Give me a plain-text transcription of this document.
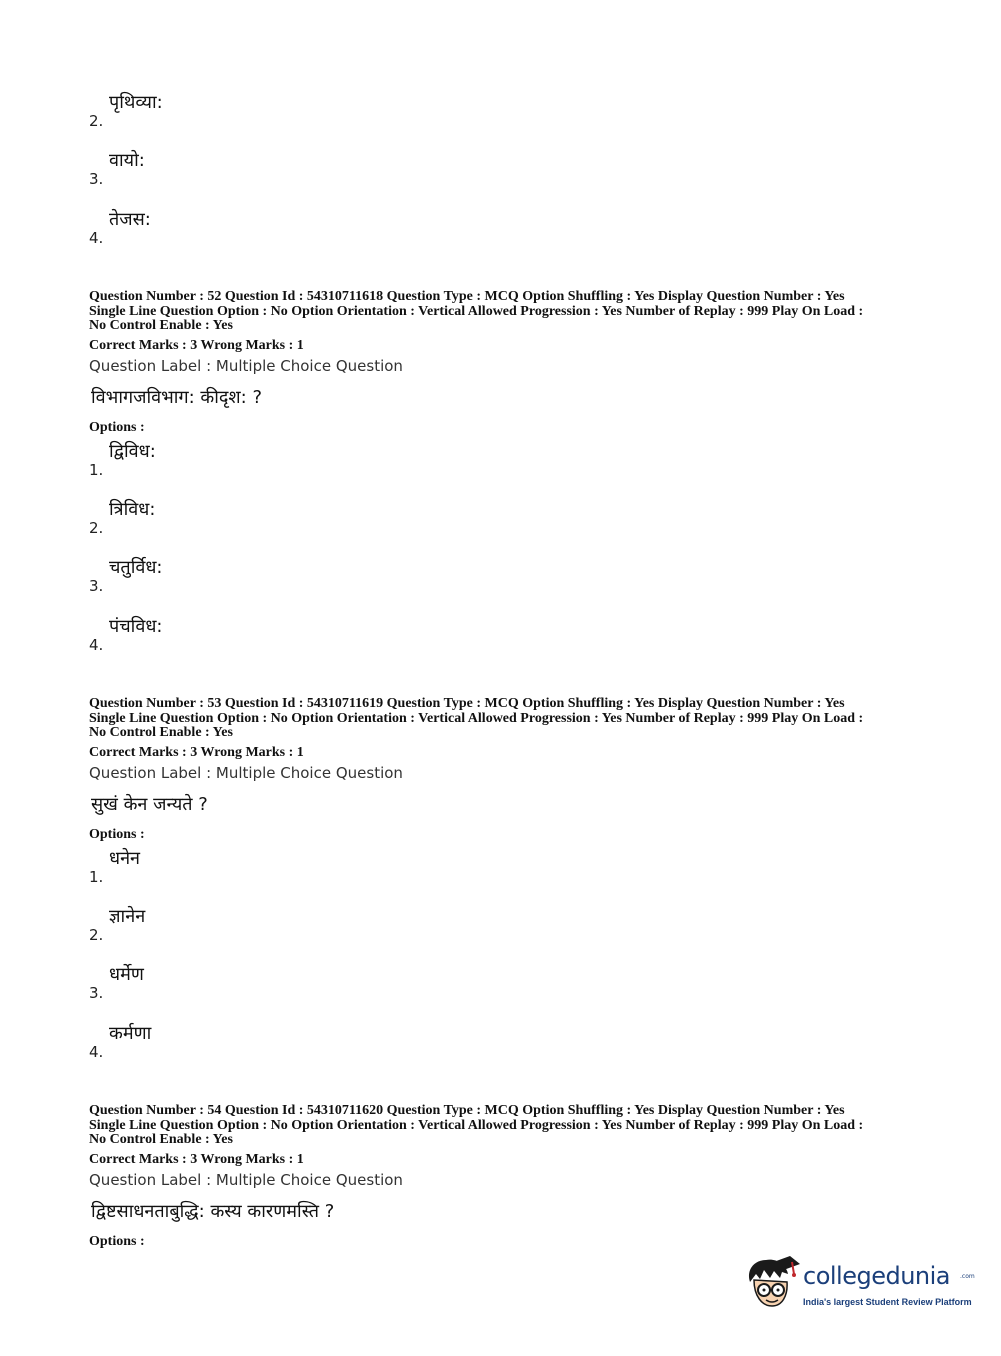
2.
पृथिव्या:
3.
वायो:
4.
तेजस:
Question Number : 52 Question Id : 54310711618 Question Type : MCQ Option Shuffling : Yes Display Question Number : Yes
Single Line Question Option : No Option Orientation : Vertical Allowed Progression : Yes Number of Replay : 999 Play On Load :
No Control Enable : Yes
Correct Marks : 3 Wrong Marks : 1
Question Label : Multiple Choice Question
विभागजविभाग: कीदृश: ?
Options :
1.
द्विविध:
2.
त्रिविध:
3.
चतुर्विध:
4.
पंचविध:
Question Number : 53 Question Id : 54310711619 Question Type : MCQ Option Shuffling : Yes Display Question Number : Yes
Single Line Question Option : No Option Orientation : Vertical Allowed Progression : Yes Number of Replay : 999 Play On Load :
No Control Enable : Yes
Correct Marks : 3 Wrong Marks : 1
Question Label : Multiple Choice Question
सुखं केन जन्यते ?
Options :
1.
धनेन
2.
ज्ञानेन
3.
धर्मेण
4.
कर्मणा
Question Number : 54 Question Id : 54310711620 Question Type : MCQ Option Shuffling : Yes Display Question Number : Yes
Single Line Question Option : No Option Orientation : Vertical Allowed Progression : Yes Number of Replay : 999 Play On Load :
No Control Enable : Yes
Correct Marks : 3 Wrong Marks : 1
Question Label : Multiple Choice Question
द्विष्टसाधनताबुद्धि: कस्य कारणमस्ति ?
Options :
collegedunia .com
India's largest Student Review Platform
